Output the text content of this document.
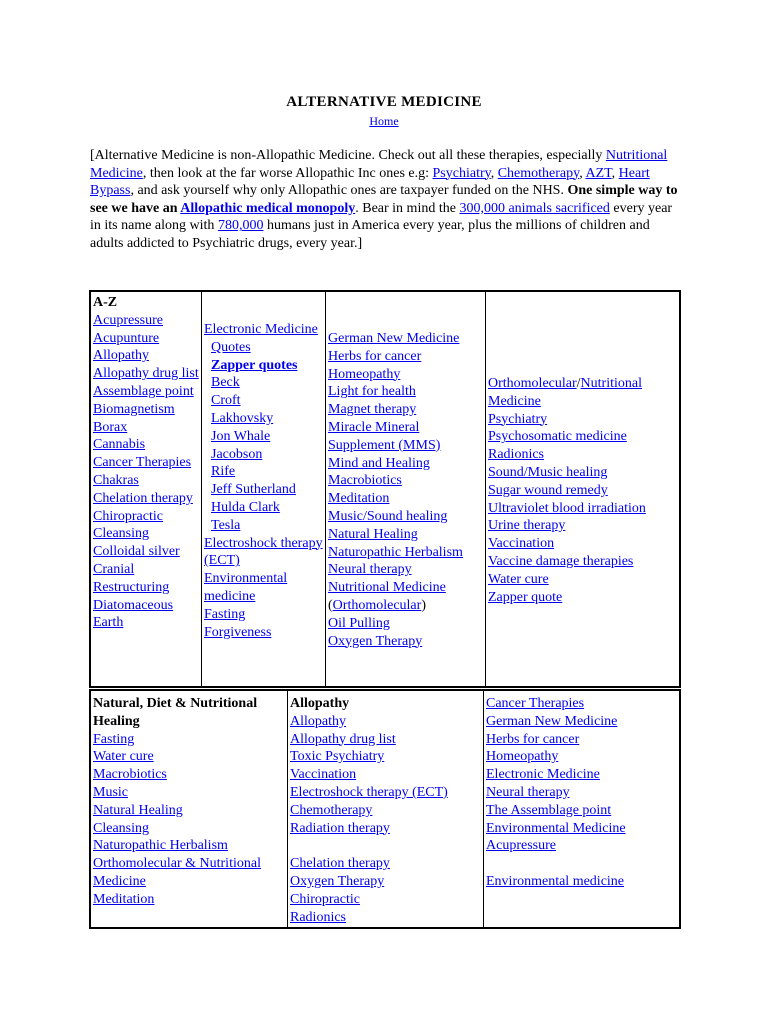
ALTERNATIVE MEDICINE
Home
[Alternative Medicine is non-Allopathic Medicine. Check out all these therapies, especially Nutritional Medicine, then look at the far worse Allopathic Inc ones e.g: Psychiatry, Chemotherapy, AZT, Heart Bypass, and ask yourself why only Allopathic ones are taxpayer funded on the NHS. One simple way to see we have an Allopathic medical monopoly. Bear in mind the 300,000 animals sacrificed every year in its name along with 780,000 humans just in America every year, plus the millions of children and adults addicted to Psychiatric drugs, every year.]
A-Z
Acupressure
Acupunture
Allopathy
Allopathy drug list
Assemblage point
Biomagnetism
Borax
Cannabis
Cancer Therapies
Chakras
Chelation therapy
Chiropractic
Cleansing
Colloidal silver
Cranial Restructuring
Diatomaceous Earth
Electronic Medicine
Quotes
Zapper quotes
Beck
Croft
Lakhovsky
Jon Whale
Jacobson
Rife
Jeff Sutherland
Hulda Clark
Tesla
Electroshock therapy (ECT)
Environmental medicine
Fasting
Forgiveness
German New Medicine
Herbs for cancer
Homeopathy
Light for health
Magnet therapy
Miracle Mineral Supplement (MMS)
Mind and Healing
Macrobiotics
Meditation
Music/Sound healing
Natural Healing
Naturopathic Herbalism
Neural therapy
Nutritional Medicine
(Orthomolecular)
Oil Pulling
Oxygen Therapy
Orthomolecular/Nutritional Medicine
Psychiatry
Psychosomatic medicine
Radionics
Sound/Music healing
Sugar wound remedy
Ultraviolet blood irradiation
Urine therapy
Vaccination
Vaccine damage therapies
Water cure
Zapper quote
Natural, Diet & Nutritional Healing
Fasting
Water cure
Macrobiotics
Music
Natural Healing
Cleansing
Naturopathic Herbalism
Orthomolecular & Nutritional Medicine
Meditation
Allopathy
Allopathy
Allopathy drug list
Toxic Psychiatry
Vaccination
Electroshock therapy (ECT)
Chemotherapy
Radiation therapy
Chelation therapy
Oxygen Therapy
Chiropractic
Radionics
Cancer Therapies
German New Medicine
Herbs for cancer
Homeopathy
Electronic Medicine
Neural therapy
The Assemblage point
Environmental Medicine
Acupressure
Environmental medicine
